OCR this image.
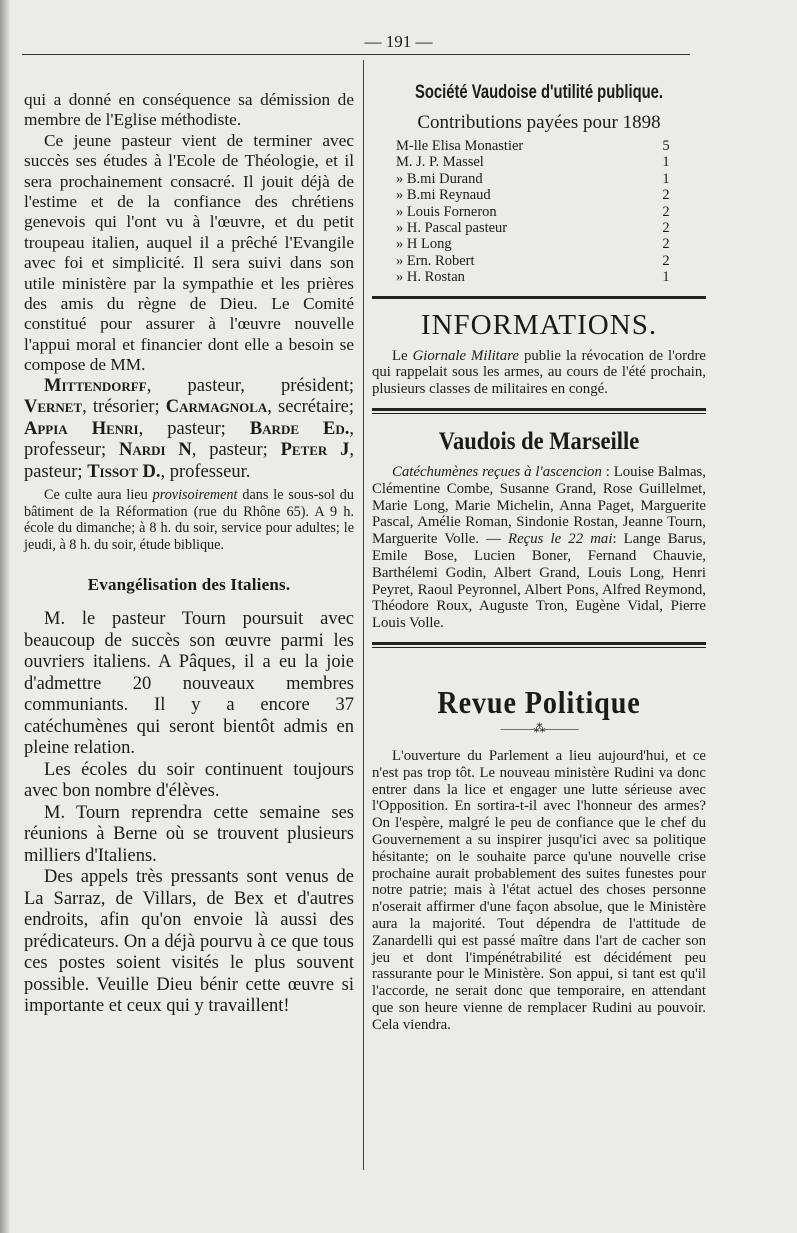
— 191 —

qui a donné en conséquence sa démission de membre de l'Eglise méthodiste.

Ce jeune pasteur vient de terminer avec succès ses études à l'Ecole de Théologie, et il sera prochainement consacré. Il jouit déjà de l'estime et de la confiance des chrétiens genevois qui l'ont vu à l'œuvre, et du petit troupeau italien, auquel il a prêché l'Evangile avec foi et simplicité. Il sera suivi dans son utile ministère par la sympathie et les prières des amis du règne de Dieu. Le Comité constitué pour assurer à l'œuvre nouvelle l'appui moral et financier dont elle a besoin se compose de MM.

Mittendorff, pasteur, président; Vernet, trésorier; Carmagnola, secrétaire; Appia Henri, pasteur; Barde Ed., professeur; Nardi N, pasteur; Peter J, pasteur; Tissot D., professeur.

Ce culte aura lieu provisoirement dans le sous-sol du bâtiment de la Réformation (rue du Rhône 65). A 9 h. école du dimanche; à 8 h. du soir, service pour adultes; le jeudi, à 8 h. du soir, étude biblique.

Evangélisation des Italiens.

M. le pasteur Tourn poursuit avec beaucoup de succès son œuvre parmi les ouvriers italiens. A Pâques, il a eu la joie d'admettre 20 nouveaux membres communiants. Il y a encore 37 catéchumènes qui seront bientôt admis en pleine relation.

Les écoles du soir continuent toujours avec bon nombre d'élèves.

M. Tourn reprendra cette semaine ses réunions à Berne où se trouvent plusieurs milliers d'Italiens.

Des appels très pressants sont venus de La Sarraz, de Villars, de Bex et d'autres endroits, afin qu'on envoie là aussi des prédicateurs. On a déjà pourvu à ce que tous ces postes soient visités le plus souvent possible. Veuille Dieu bénir cette œuvre si importante et ceux qui y travaillent!

Société Vaudoise d'utilité publique.
Contributions payées pour 1898
M-lle Elisa Monastier	5
M. J. P. Massel	1
» B.mi Durand	1
» B.mi Reynaud	2
» Louis Forneron	2
» H. Pascal pasteur	2
» H Long	2
» Ern. Robert	2
» H. Rostan	1
INFORMATIONS.

Le Giornale Militare publie la révocation de l'ordre qui rappelait sous les armes, au cours de l'été prochain, plusieurs classes de militaires en congé.

Vaudois de Marseille

Catéchumènes reçues à l'ascencion : Louise Balmas, Clémentine Combe, Susanne Grand, Rose Guillelmet, Marie Long, Marie Michelin, Anna Paget, Marguerite Pascal, Amélie Roman, Sindonie Rostan, Jeanne Tourn, Marguerite Volle. — Reçus le 22 mai: Lange Barus, Emile Bose, Lucien Boner, Fernand Chauvie, Barthélemi Godin, Albert Grand, Louis Long, Henri Peyret, Raoul Peyronnel, Albert Pons, Alfred Reymond, Théodore Roux, Auguste Tron, Eugène Vidal, Pierre Louis Volle.

Revue Politique
———⁂———

L'ouverture du Parlement a lieu aujourd'hui, et ce n'est pas trop tôt. Le nouveau ministère Rudini va donc entrer dans la lice et engager une lutte sérieuse avec l'Opposition. En sortira-t-il avec l'honneur des armes? On l'espère, malgré le peu de confiance que le chef du Gouvernement a su inspirer jusqu'ici avec sa politique hésitante; on le souhaite parce qu'une nouvelle crise prochaine aurait probablement des suites funestes pour notre patrie; mais à l'état actuel des choses personne n'oserait affirmer d'une façon absolue, que le Ministère aura la majorité. Tout dépendra de l'attitude de Zanardelli qui est passé maître dans l'art de cacher son jeu et dont l'impénétrabilité est décidément peu rassurante pour le Ministère. Son appui, si tant est qu'il l'accorde, ne serait donc que temporaire, en attendant que son heure vienne de remplacer Rudini au pouvoir. Cela viendra.
